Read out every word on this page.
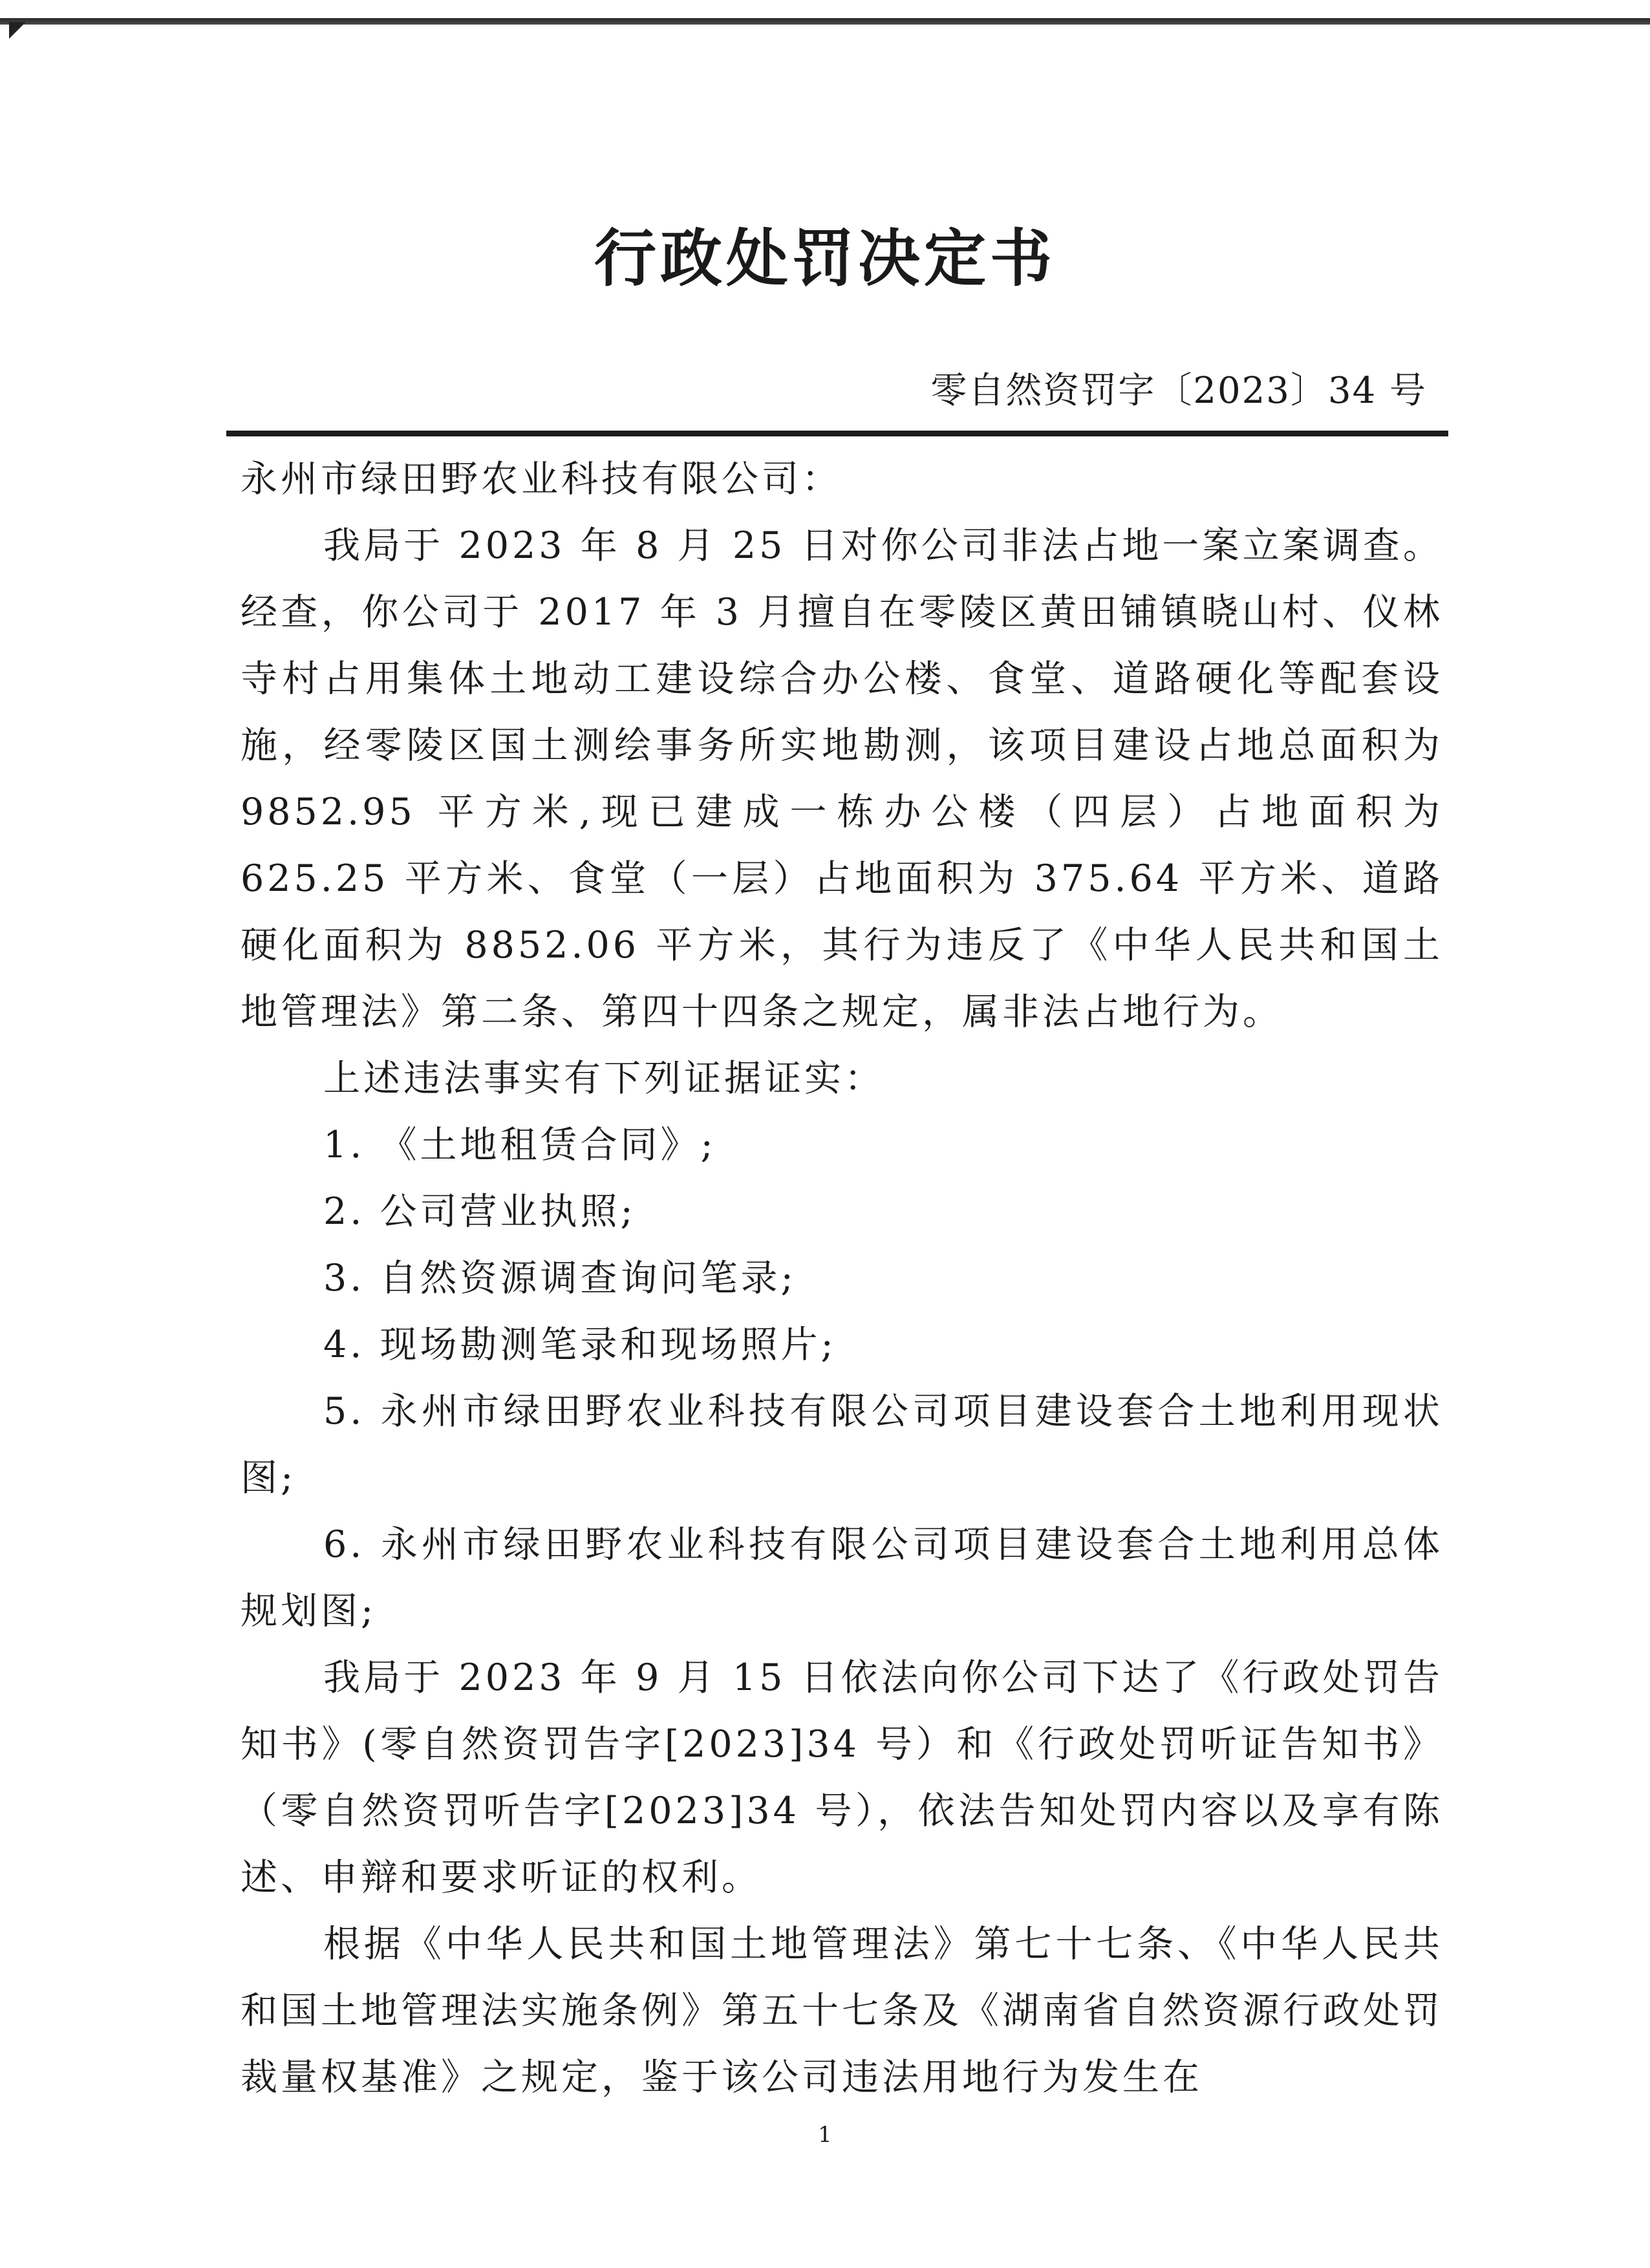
行政处罚决定书
零自然资罚字〔2023〕34 号

永州市绿田野农业科技有限公司：

我局于 2023 年 8 月 25 日对你公司非法占地一案立案调查。经查，你公司于 2017 年 3 月擅自在零陵区黄田铺镇晓山村、仪林寺村占用集体土地动工建设综合办公楼、食堂、道路硬化等配套设施，经零陵区国土测绘事务所实地勘测，该项目建设占地总面积为 9852.95 平方米,现已建成一栋办公楼（四层）占地面积为 625.25 平方米、食堂（一层）占地面积为 375.64 平方米、道路硬化面积为 8852.06 平方米，其行为违反了《中华人民共和国土地管理法》第二条、第四十四条之规定，属非法占地行为。

上述违法事实有下列证据证实：

1. 《土地租赁合同》;

2. 公司营业执照;

3. 自然资源调查询问笔录;

4. 现场勘测笔录和现场照片;

5. 永州市绿田野农业科技有限公司项目建设套合土地利用现状图;

6. 永州市绿田野农业科技有限公司项目建设套合土地利用总体规划图;

我局于 2023 年 9 月 15 日依法向你公司下达了《行政处罚告知书》(零自然资罚告字[2023]34 号）和《行政处罚听证告知书》（零自然资罚听告字[2023]34 号），依法告知处罚内容以及享有陈述、申辩和要求听证的权利。

根据《中华人民共和国土地管理法》第七十七条、《中华人民共和国土地管理法实施条例》第五十七条及《湖南省自然资源行政处罚裁量权基准》之规定，鉴于该公司违法用地行为发生在

1
